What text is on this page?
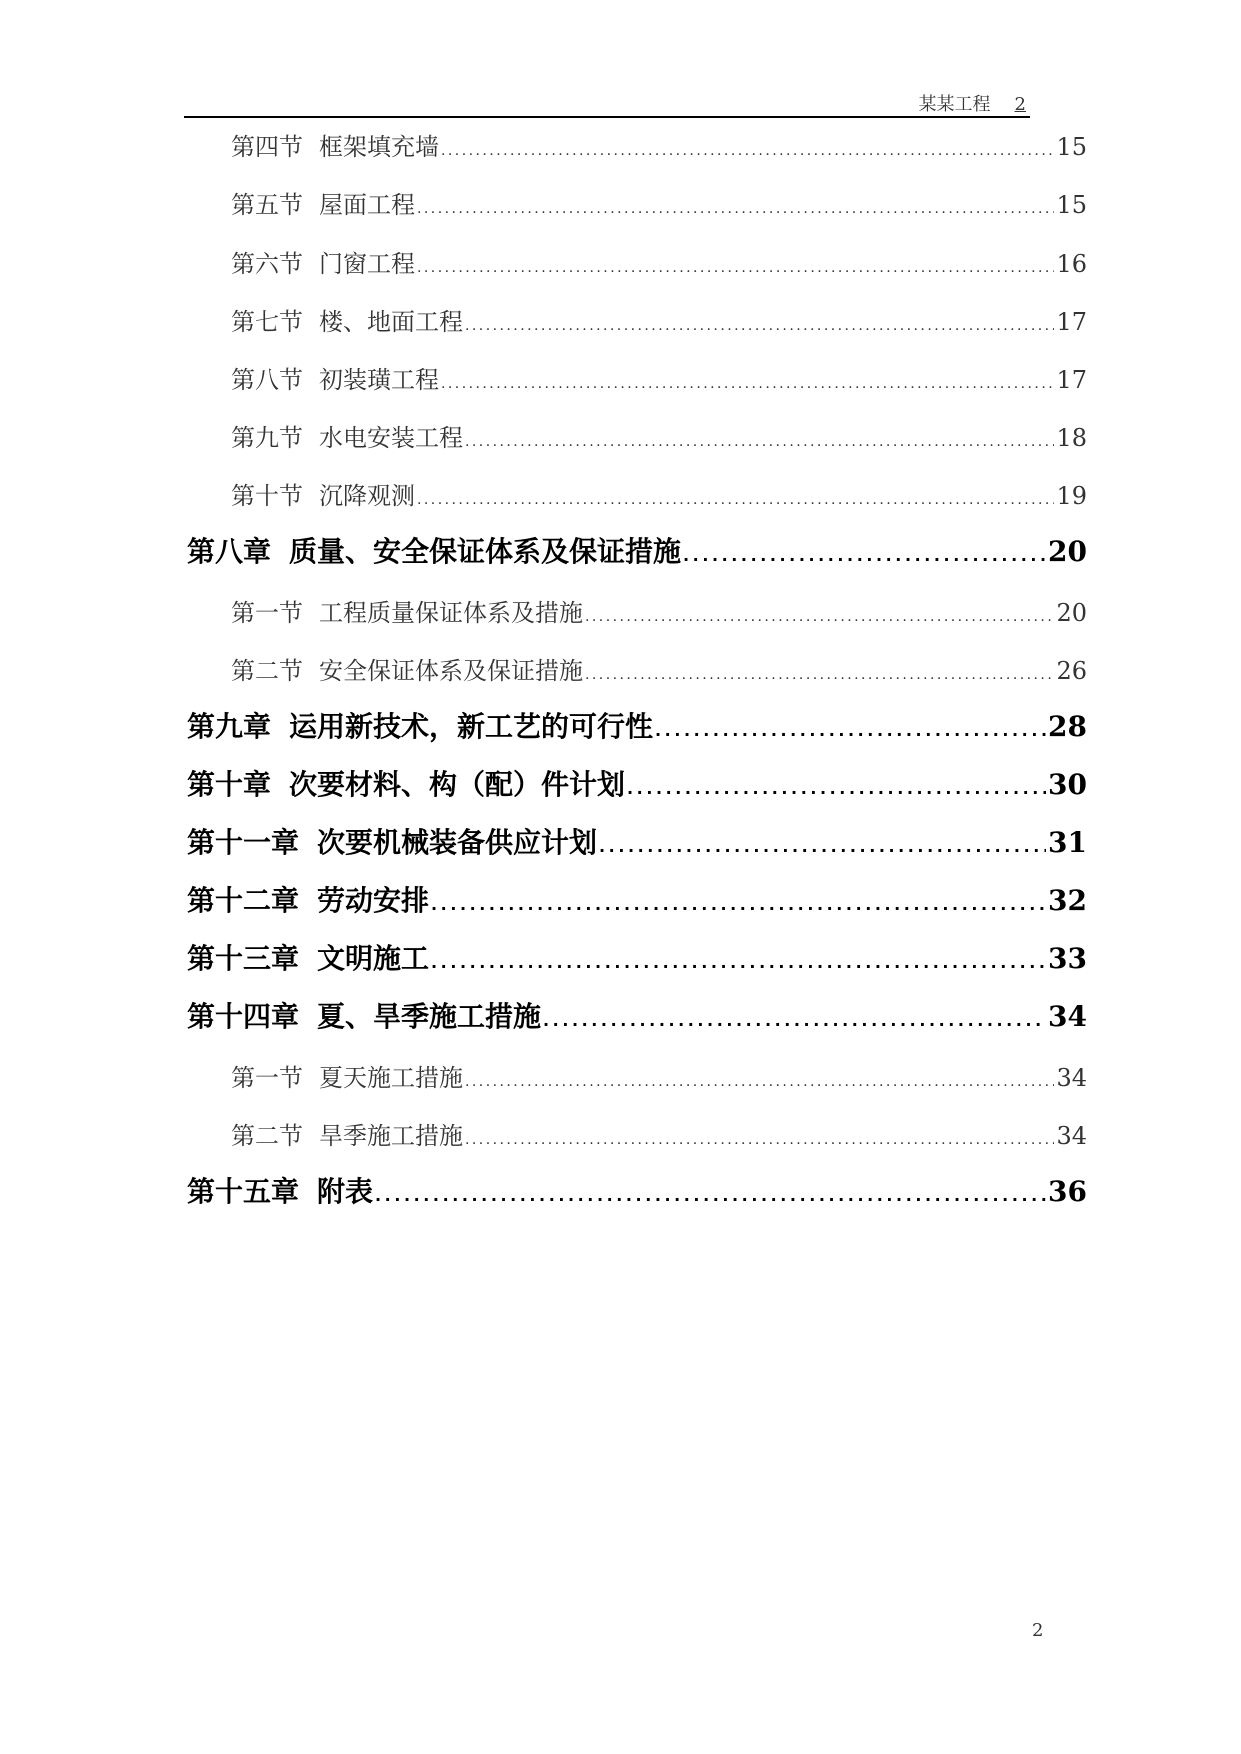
某某工程 2
第四节 框架填充墙 . . .	15
第五节 屋面工程 . . .	15
第六节 门窗工程 . . .	16
第七节 楼、地面工程 . . .	17
第八节 初装璜工程 . . .	17
第九节 水电安装工程 . . .	18
第十节 沉降观测 . . .	19
第八章 质量、安全保证体系及保证措施 . . .	20
第一节 工程质量保证体系及措施 . . .	20
第二节 安全保证体系及保证措施 . . .	26
第九章 运用新技术，新工艺的可行性 . . .	28
第十章 次要材料、构（配）件计划 . . .	30
第十一章 次要机械装备供应计划 . . .	31
第十二章 劳动安排 . . .	32
第十三章 文明施工 . . .	33
第十四章 夏、旱季施工措施 . . .	34
第一节 夏天施工措施 . . .	34
第二节 旱季施工措施 . . .	34
第十五章 附表 . . .	36
2
